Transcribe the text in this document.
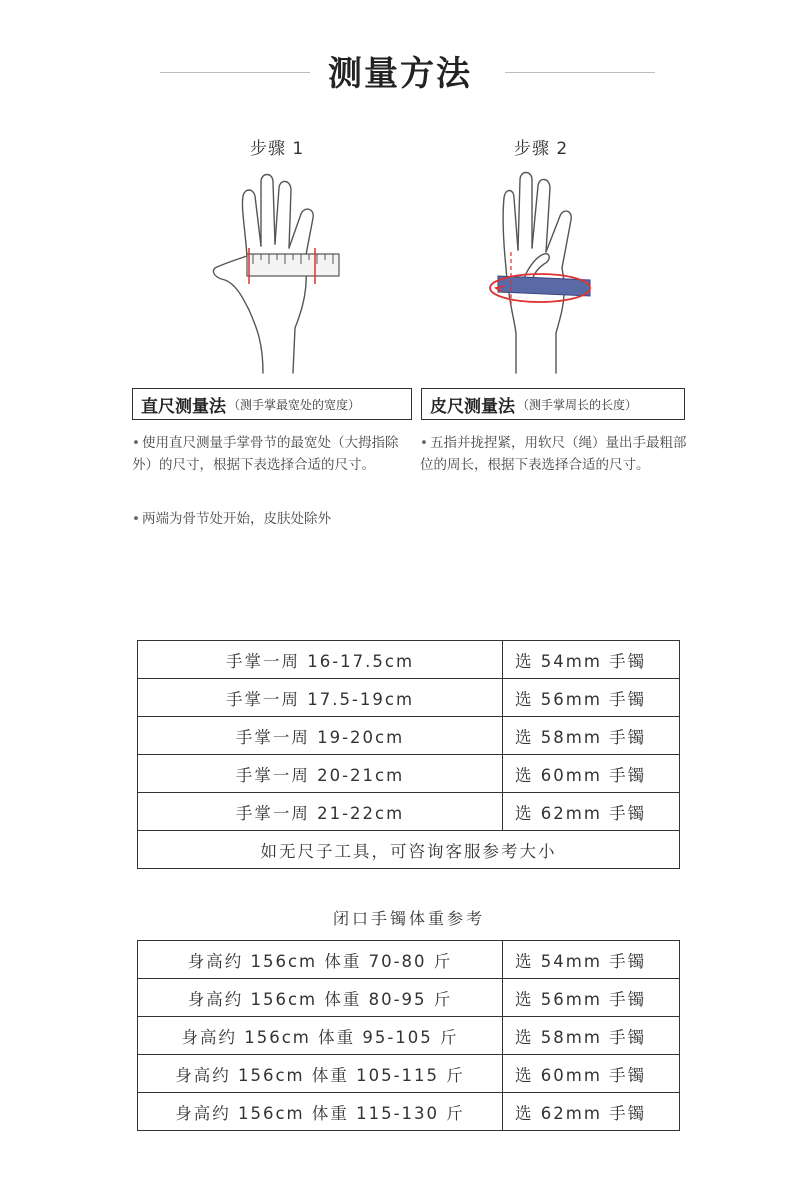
测量方法
步骤 1	步骤 2
直尺测量法 （测手掌最宽处的宽度）	皮尺测量法 （测手掌周长的长度）
• 使用直尺测量手掌骨节的最宽处（大拇指除外）的尺寸，根据下表选择合适的尺寸。
• 两端为骨节处开始，皮肤处除外
• 五指并拢捏紧，用软尺（绳）量出手最粗部位的周长，根据下表选择合适的尺寸。
手掌一周 16-17.5cm	选 54mm 手镯
手掌一周 17.5-19cm	选 56mm 手镯
手掌一周 19-20cm	选 58mm 手镯
手掌一周 20-21cm	选 60mm 手镯
手掌一周 21-22cm	选 62mm 手镯
如无尺子工具，可咨询客服参考大小	
闭口手镯体重参考
身高约 156cm 体重 70-80 斤	选 54mm 手镯
身高约 156cm 体重 80-95 斤	选 56mm 手镯
身高约 156cm 体重 95-105 斤	选 58mm 手镯
身高约 156cm 体重 105-115 斤	选 60mm 手镯
身高约 156cm 体重 115-130 斤	选 62mm 手镯
